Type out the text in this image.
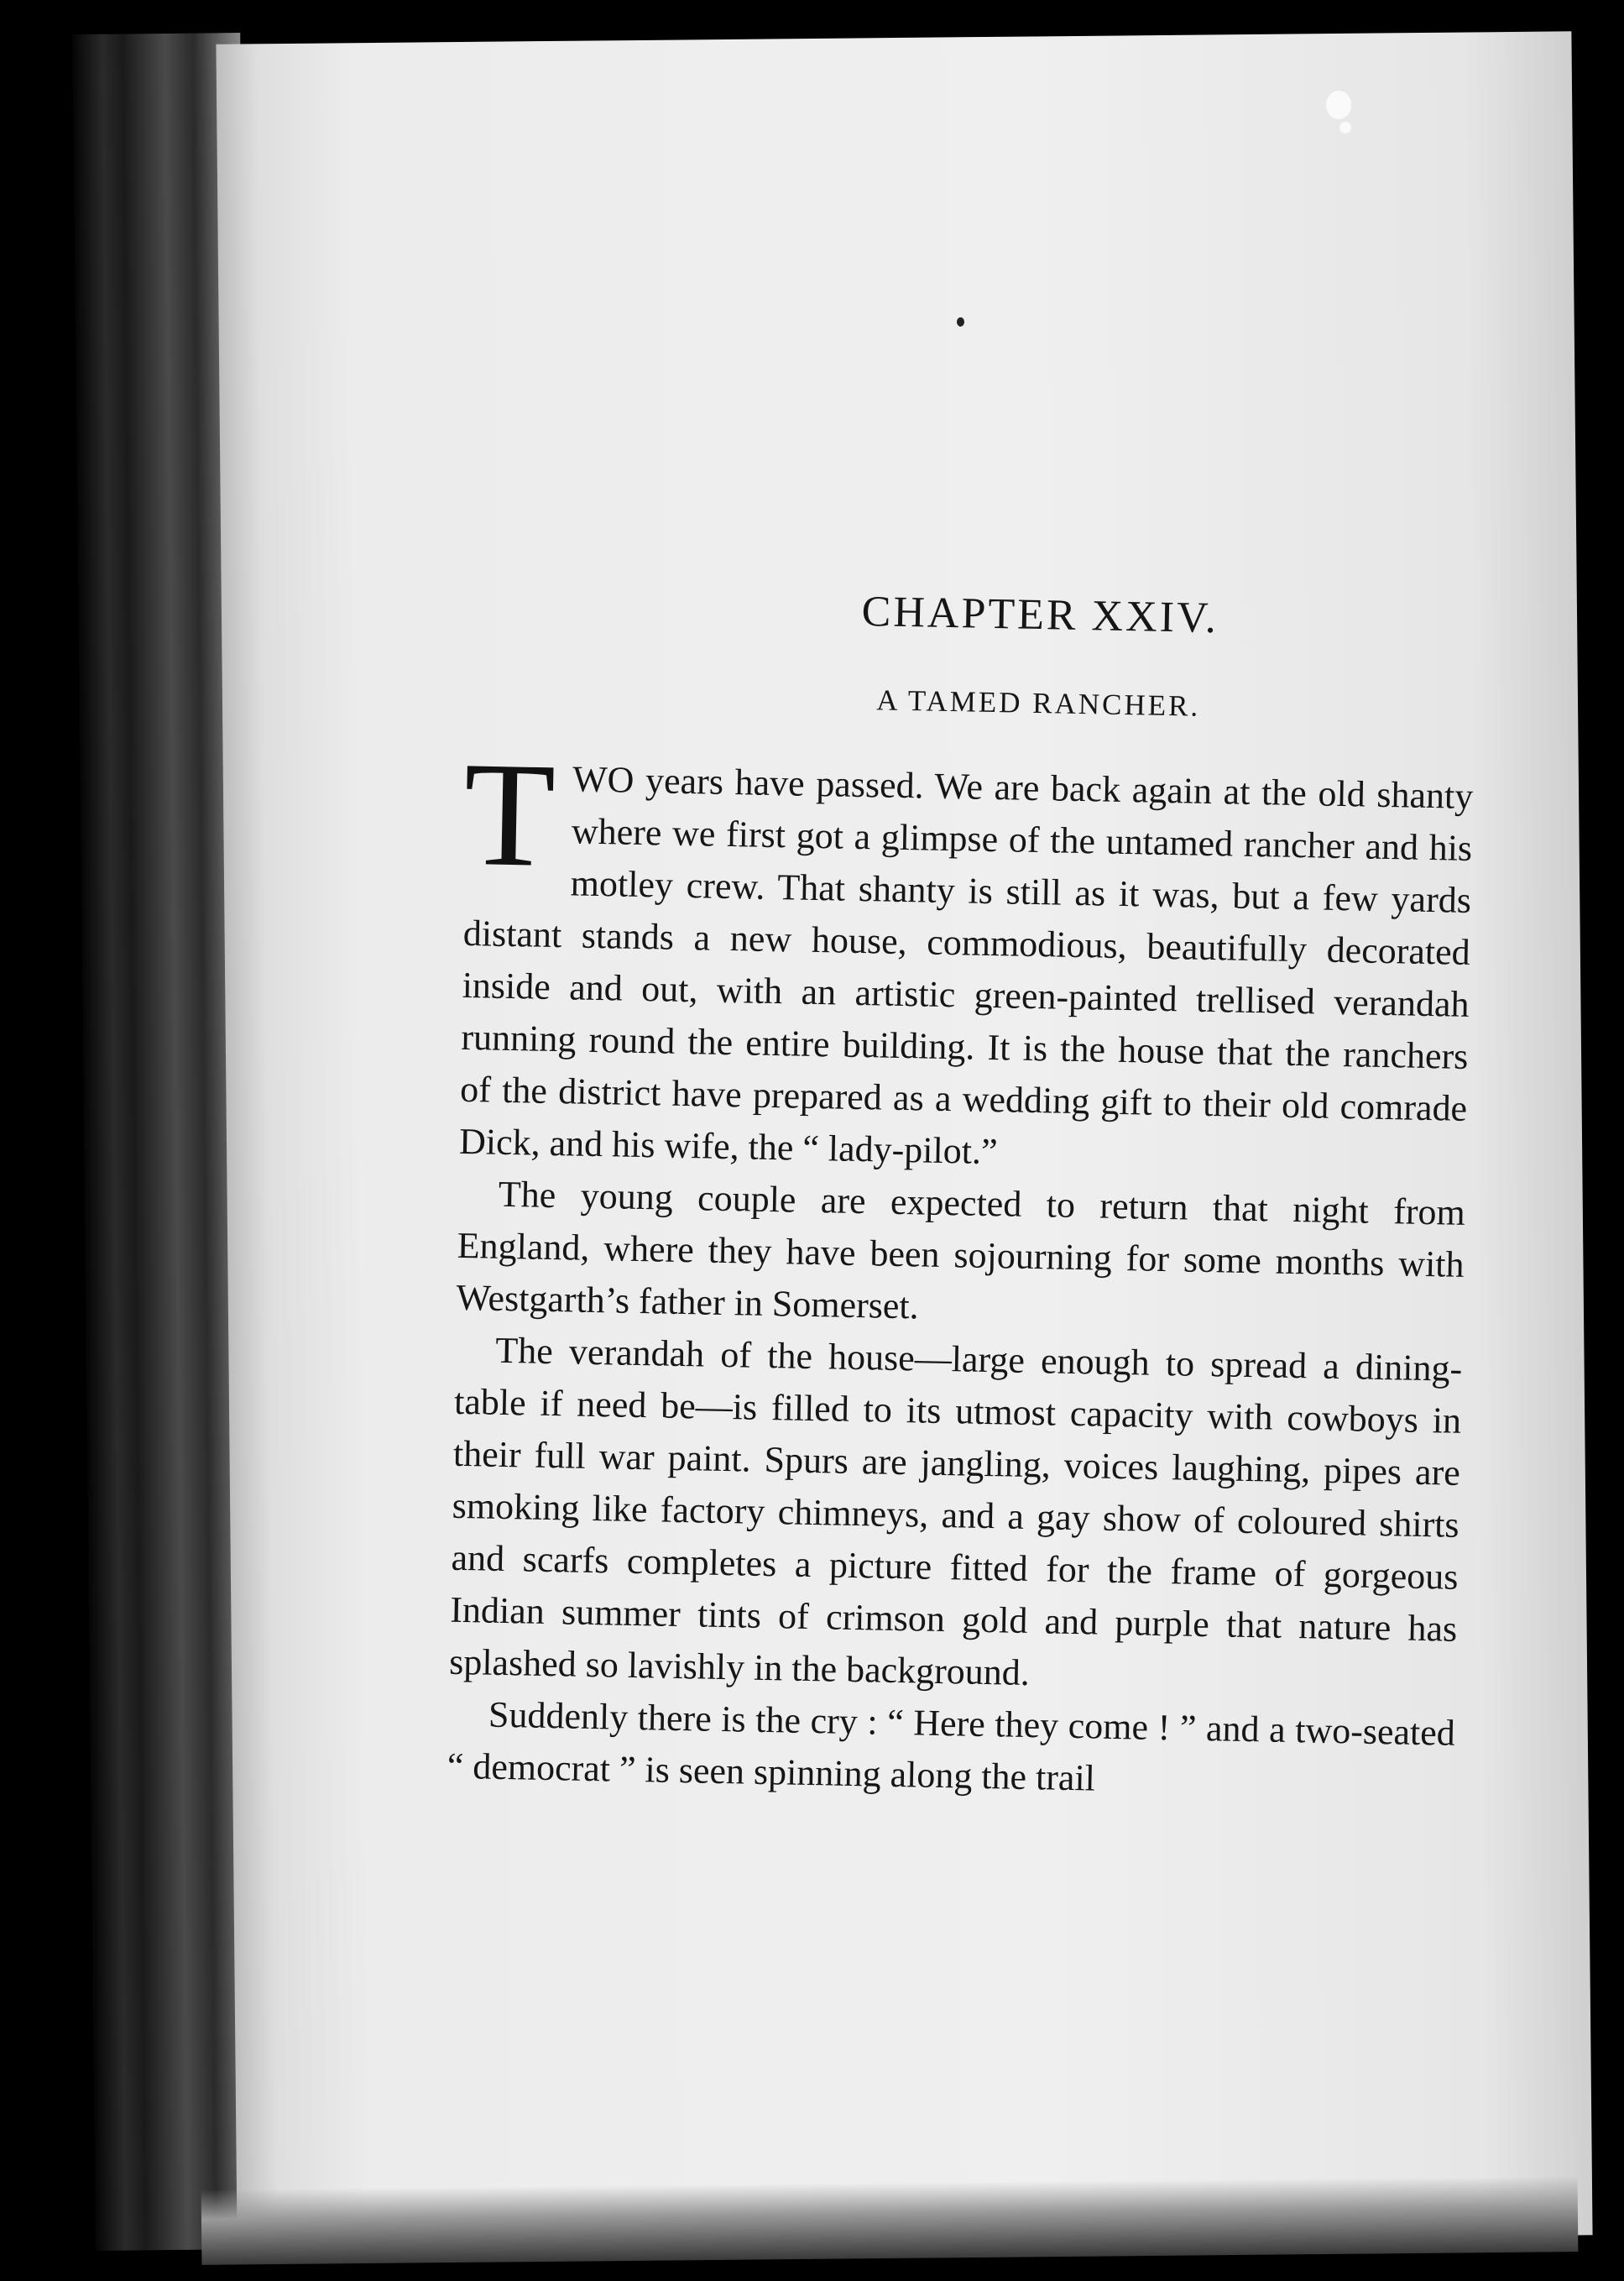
CHAPTER XXIV.
A TAMED RANCHER.

TWO years have passed. We are back again at the old shanty where we first got a glimpse of the untamed rancher and his motley crew. That shanty is still as it was, but a few yards distant stands a new house, commodious, beautifully decorated inside and out, with an artistic green-painted trellised verandah running round the entire building. It is the house that the ranchers of the district have prepared as a wedding gift to their old comrade Dick, and his wife, the “ lady-pilot.”

The young couple are expected to return that night from England, where they have been sojourning for some months with Westgarth’s father in Somerset.

The verandah of the house—large enough to spread a dining-table if need be—is filled to its utmost capacity with cowboys in their full war paint. Spurs are jangling, voices laughing, pipes are smoking like factory chimneys, and a gay show of coloured shirts and scarfs completes a picture fitted for the frame of gorgeous Indian summer tints of crimson gold and purple that nature has splashed so lavishly in the background.

Suddenly there is the cry : “ Here they come ! ” and a two-seated “ democrat ” is seen spinning along the trail
